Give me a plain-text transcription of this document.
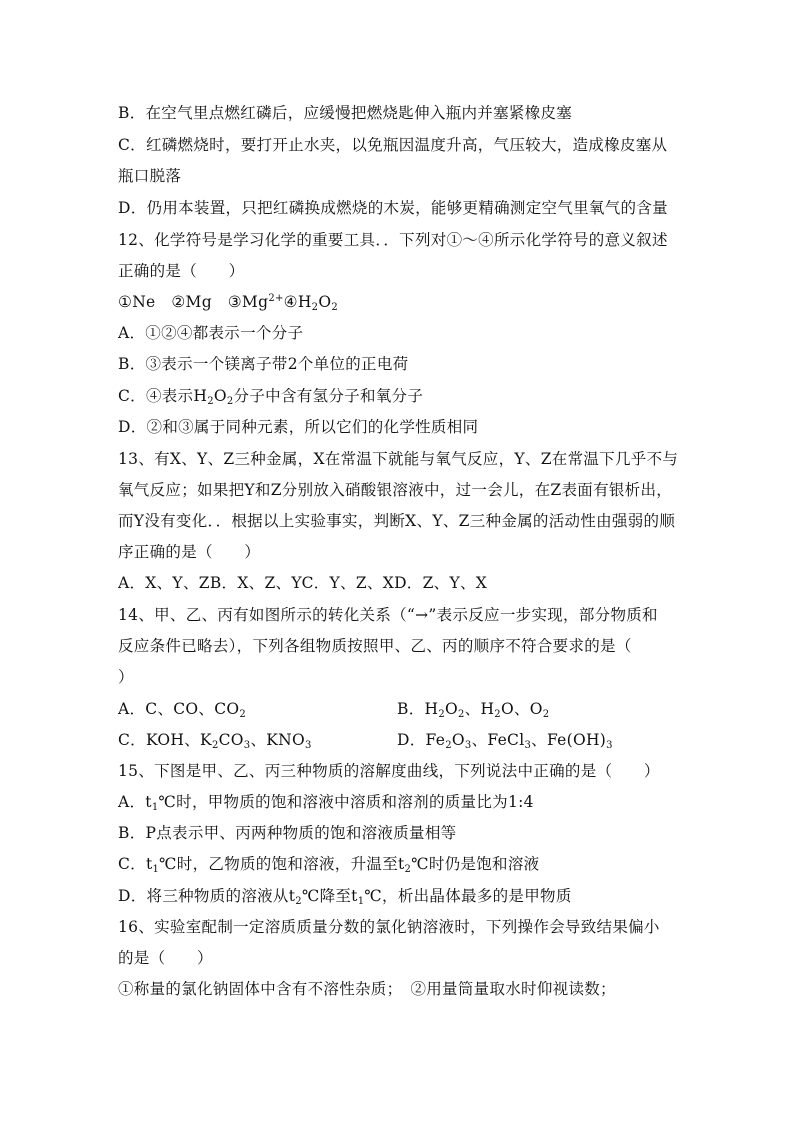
B．在空气里点燃红磷后，应缓慢把燃烧匙伸入瓶内并塞紧橡皮塞
C．红磷燃烧时，要打开止水夹，以免瓶因温度升高，气压较大，造成橡皮塞从
瓶口脱落
D．仍用本装置，只把红磷换成燃烧的木炭，能够更精确测定空气里氧气的含量
12、化学符号是学习化学的重要工具．．下列对①～④所示化学符号的意义叙述
正确的是（　　）
①Ne　②Mg　$③Mg^{2+}④H_2O_2$
A．①②④都表示一个分子
B．③表示一个镁离子带2个单位的正电荷
C．④表示$H_2O_2$分子中含有氢分子和氧分子
D．②和③属于同种元素，所以它们的化学性质相同
13、有X、Y、Z三种金属，X在常温下就能与氧气反应，Y、Z在常温下几乎不与
氧气反应；如果把Y和Z分别放入硝酸银溶液中，过一会儿，在Z表面有银析出，
而Y没有变化．．根据以上实验事实，判断X、Y、Z三种金属的活动性由强弱的顺
序正确的是（　　）
A．X、Y、ZB．X、Z、YC．Y、Z、XD．Z、Y、X
14、甲、乙、丙有如图所示的转化关系（“→”表示反应一步实现，部分物质和
反应条件已略去），下列各组物质按照甲、乙、丙的顺序不符合要求的是（
）
A．C、CO、$CO_2$	B．$H_2O_2$、$H_2O$、$O_2$
C．KOH、$K_2CO_3$、$KNO_3$	D．$Fe_2O_3$、FeCl$_3$、$Fe(OH)_3$
15、下图是甲、乙、丙三种物质的溶解度曲线，下列说法中正确的是（　　）
A．$t_1℃$时，甲物质的饱和溶液中溶质和溶剂的质量比为1:4
B．P点表示甲、丙两种物质的饱和溶液质量相等
C．$t_1℃$时，乙物质的饱和溶液，升温至$t_2℃$时仍是饱和溶液
D．将三种物质的溶液从$t_2℃$降至$t_1℃$，析出晶体最多的是甲物质
16、实验室配制一定溶质质量分数的氯化钠溶液时，下列操作会导致结果偏小
的是（　　）
①称量的氯化钠固体中含有不溶性杂质；　②用量筒量取水时仰视读数；
